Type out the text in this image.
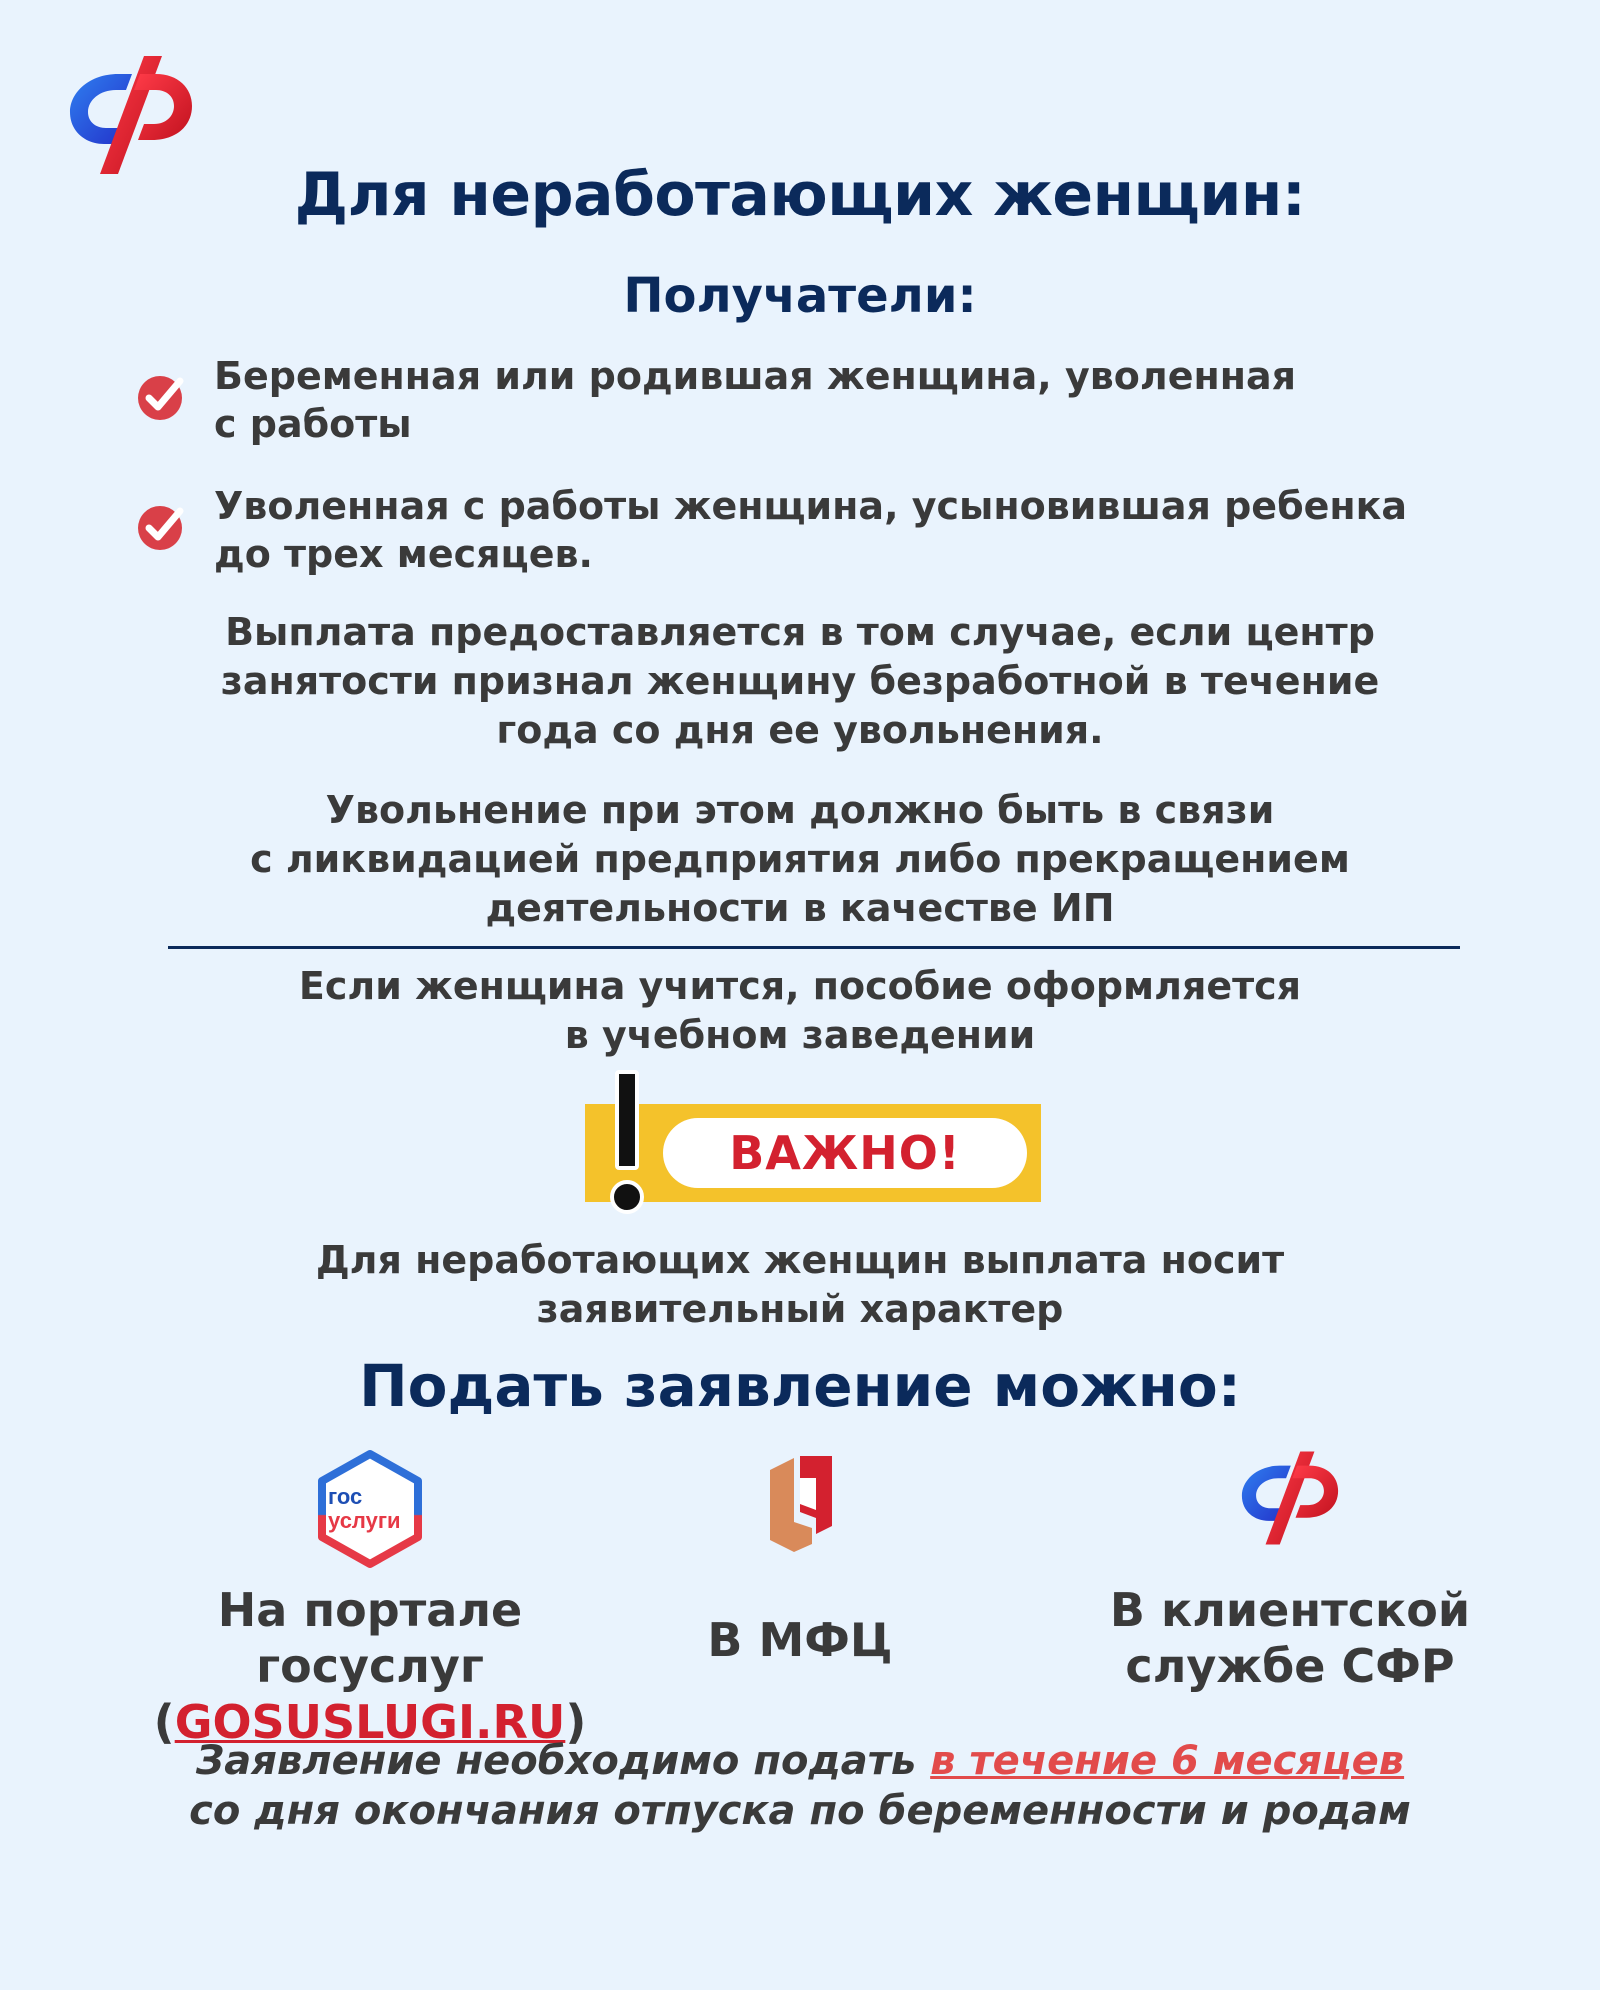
Для неработающих женщин:
Получатели:
Беременная или родившая женщина, уволенная
с работы
Уволенная с работы женщина, усыновившая ребенка
до трех месяцев.
Выплата предоставляется в том случае, если центр
занятости признал женщину безработной в течение
года со дня ее увольнения.
Увольнение при этом должно быть в связи
с ликвидацией предприятия либо прекращением
деятельности в качестве ИП
Если женщина учится, пособие оформляется
в учебном заведении
ВАЖНО!
Для неработающих женщин выплата носит
заявительный характер
Подать заявление можно:
гос
услуги
На портале госуслуг
(GOSUSLUGI.RU)
В МФЦ
В клиентской
службе СФР
Заявление необходимо подать в течение 6 месяцев
со дня окончания отпуска по беременности и родам
